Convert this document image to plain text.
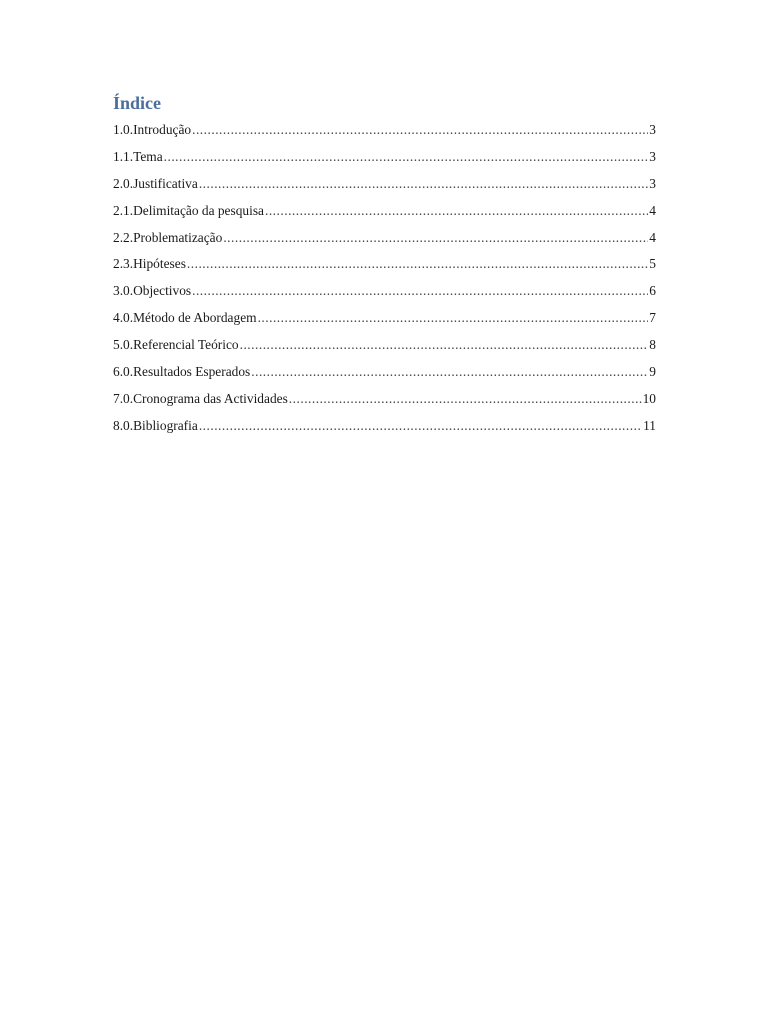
Índice
1.0. Introdução .....	3
1.1. Tema .....	3
2.0. Justificativa .....	3
2.1. Delimitação da pesquisa .....	4
2.2. Problematização .....	4
2.3. Hipóteses .....	5
3.0. Objectivos .....	6
4.0. Método de Abordagem .....	7
5.0. Referencial Teórico .....	8
6.0. Resultados Esperados .....	9
7.0. Cronograma das Actividades .....	10
8.0. Bibliografia .....	11
